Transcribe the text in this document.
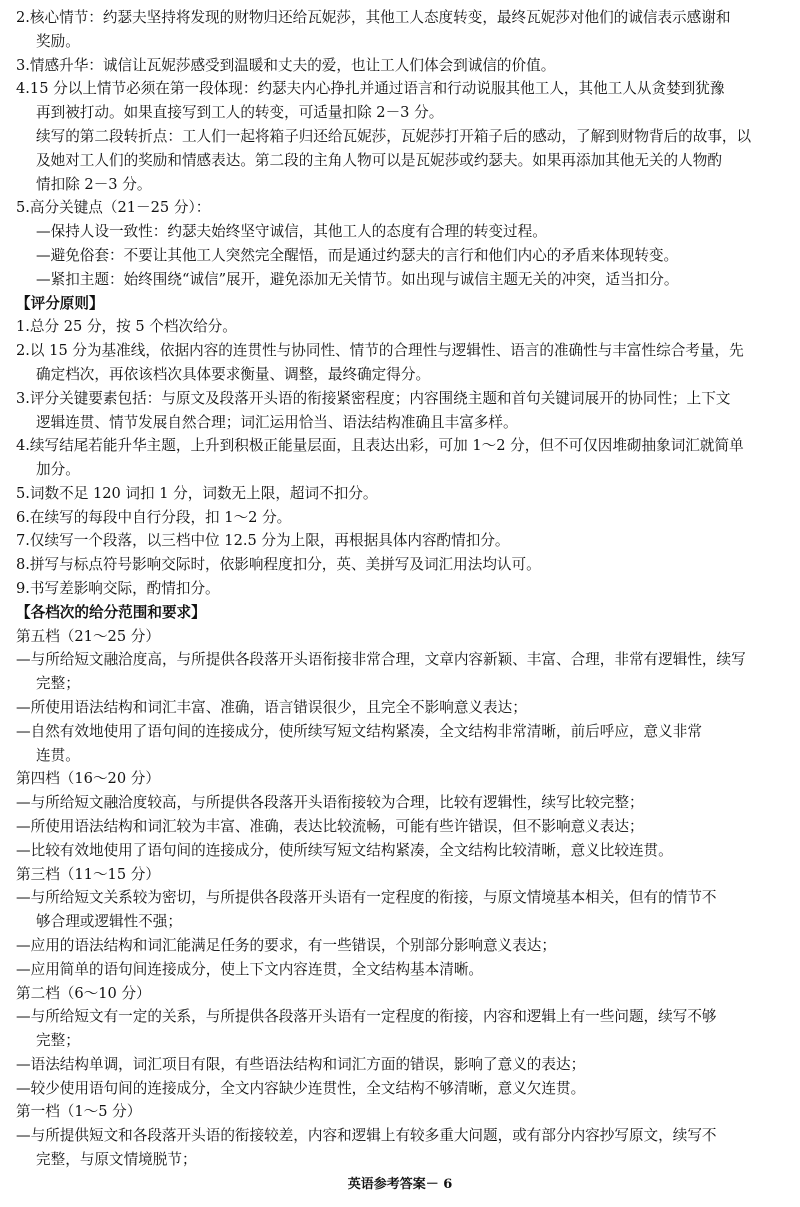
2.核心情节：约瑟夫坚持将发现的财物归还给瓦妮莎，其他工人态度转变，最终瓦妮莎对他们的诚信表示感谢和
奖励。
3.情感升华：诚信让瓦妮莎感受到温暖和丈夫的爱，也让工人们体会到诚信的价值。
4.15 分以上情节必须在第一段体现：约瑟夫内心挣扎并通过语言和行动说服其他工人，其他工人从贪婪到犹豫
再到被打动。如果直接写到工人的转变，可适量扣除 2－3 分。
续写的第二段转折点：工人们一起将箱子归还给瓦妮莎，瓦妮莎打开箱子后的感动，了解到财物背后的故事，以
及她对工人们的奖励和情感表达。第二段的主角人物可以是瓦妮莎或约瑟夫。如果再添加其他无关的人物酌
情扣除 2－3 分。
5.高分关键点（21－25 分）：
—保持人设一致性：约瑟夫始终坚守诚信，其他工人的态度有合理的转变过程。
—避免俗套：不要让其他工人突然完全醒悟，而是通过约瑟夫的言行和他们内心的矛盾来体现转变。
—紧扣主题：始终围绕“诚信”展开，避免添加无关情节。如出现与诚信主题无关的冲突，适当扣分。
【评分原则】
1.总分 25 分，按 5 个档次给分。
2.以 15 分为基准线，依据内容的连贯性与协同性、情节的合理性与逻辑性、语言的准确性与丰富性综合考量，先
确定档次，再依该档次具体要求衡量、调整，最终确定得分。
3.评分关键要素包括：与原文及段落开头语的衔接紧密程度；内容围绕主题和首句关键词展开的协同性；上下文
逻辑连贯、情节发展自然合理；词汇运用恰当、语法结构准确且丰富多样。
4.续写结尾若能升华主题，上升到积极正能量层面，且表达出彩，可加 1～2 分，但不可仅因堆砌抽象词汇就简单
加分。
5.词数不足 120 词扣 1 分，词数无上限，超词不扣分。
6.在续写的每段中自行分段，扣 1～2 分。
7.仅续写一个段落，以三档中位 12.5 分为上限，再根据具体内容酌情扣分。
8.拼写与标点符号影响交际时，依影响程度扣分，英、美拼写及词汇用法均认可。
9.书写差影响交际，酌情扣分。
【各档次的给分范围和要求】
第五档（21～25 分）
—与所给短文融洽度高，与所提供各段落开头语衔接非常合理，文章内容新颖、丰富、合理，非常有逻辑性，续写
完整；
—所使用语法结构和词汇丰富、准确，语言错误很少，且完全不影响意义表达；
—自然有效地使用了语句间的连接成分，使所续写短文结构紧凑，全文结构非常清晰，前后呼应，意义非常
连贯。
第四档（16～20 分）
—与所给短文融洽度较高，与所提供各段落开头语衔接较为合理，比较有逻辑性，续写比较完整；
—所使用语法结构和词汇较为丰富、准确，表达比较流畅，可能有些许错误，但不影响意义表达；
—比较有效地使用了语句间的连接成分，使所续写短文结构紧凑，全文结构比较清晰，意义比较连贯。
第三档（11～15 分）
—与所给短文关系较为密切，与所提供各段落开头语有一定程度的衔接，与原文情境基本相关，但有的情节不
够合理或逻辑性不强；
—应用的语法结构和词汇能满足任务的要求，有一些错误，个别部分影响意义表达；
—应用简单的语句间连接成分，使上下文内容连贯，全文结构基本清晰。
第二档（6～10 分）
—与所给短文有一定的关系，与所提供各段落开头语有一定程度的衔接，内容和逻辑上有一些问题，续写不够
完整；
—语法结构单调，词汇项目有限，有些语法结构和词汇方面的错误，影响了意义的表达；
—较少使用语句间的连接成分，全文内容缺少连贯性，全文结构不够清晰，意义欠连贯。
第一档（1～5 分）
—与所提供短文和各段落开头语的衔接较差，内容和逻辑上有较多重大问题，或有部分内容抄写原文，续写不
完整，与原文情境脱节；
英语参考答案－ 6
